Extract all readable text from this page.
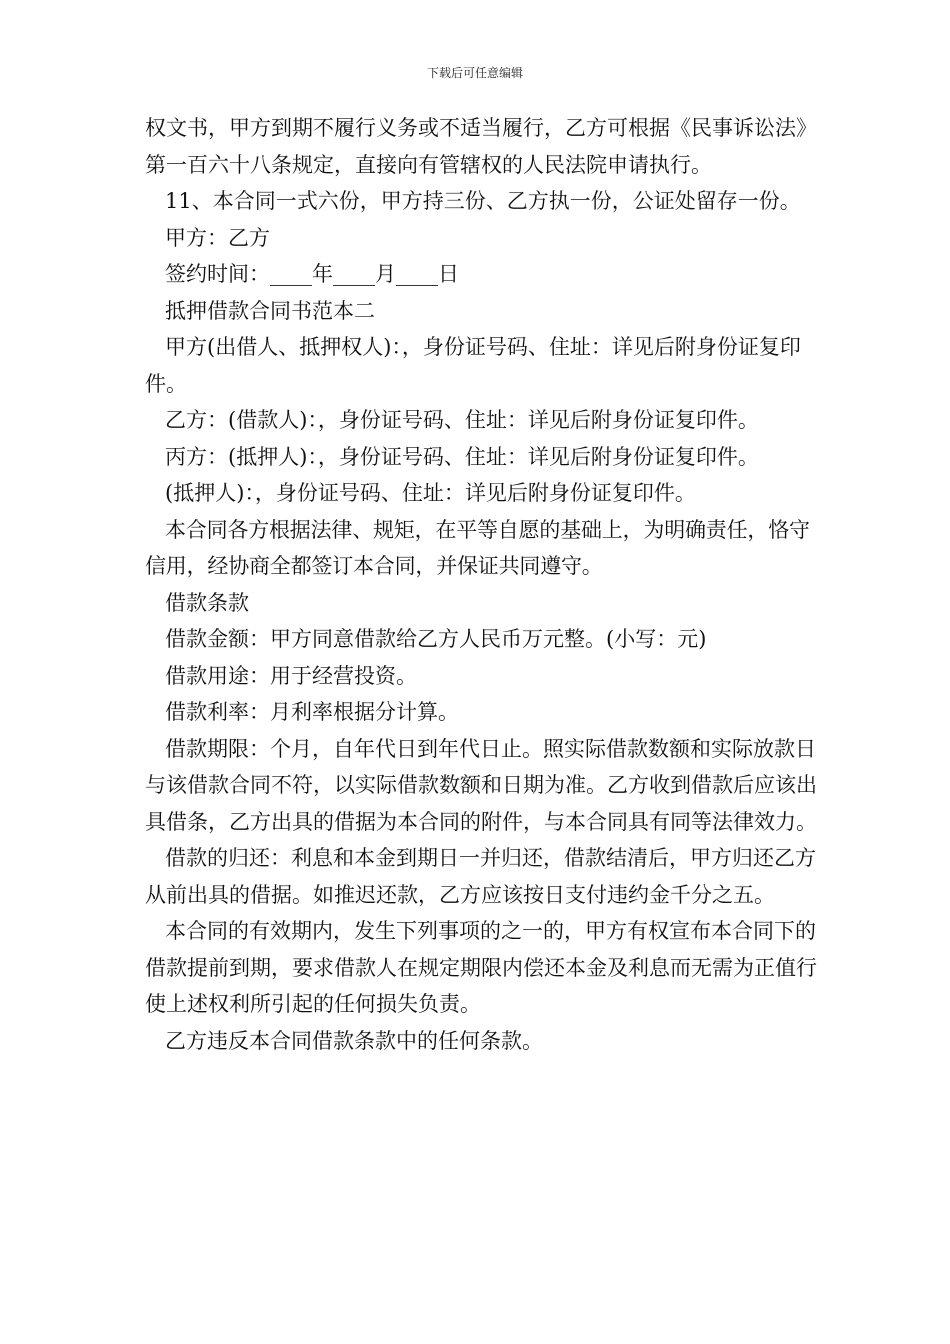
下载后可任意编辑

权文书，甲方到期不履行义务或不适当履行，乙方可根据《民事诉讼法》第一百六十八条规定，直接向有管辖权的人民法院申请执行。

11、本合同一式六份，甲方持三份、乙方执一份，公证处留存一份。

甲方：乙方

签约时间：____年____月____日

抵押借款合同书范本二

甲方(出借人、抵押权人)：，身份证号码、住址：详见后附身份证复印件。

乙方：(借款人)：，身份证号码、住址：详见后附身份证复印件。

丙方：(抵押人)：，身份证号码、住址：详见后附身份证复印件。

(抵押人)：，身份证号码、住址：详见后附身份证复印件。

本合同各方根据法律、规矩，在平等自愿的基础上，为明确责任，恪守信用，经协商全都签订本合同，并保证共同遵守。

借款条款

借款金额：甲方同意借款给乙方人民币万元整。(小写：元)

借款用途：用于经营投资。

借款利率：月利率根据分计算。

借款期限：个月，自年代日到年代日止。照实际借款数额和实际放款日与该借款合同不符，以实际借款数额和日期为准。乙方收到借款后应该出具借条，乙方出具的借据为本合同的附件，与本合同具有同等法律效力。

借款的归还：利息和本金到期日一并归还，借款结清后，甲方归还乙方从前出具的借据。如推迟还款，乙方应该按日支付违约金千分之五。

本合同的有效期内，发生下列事项的之一的，甲方有权宣布本合同下的借款提前到期，要求借款人在规定期限内偿还本金及利息而无需为正值行使上述权利所引起的任何损失负责。

乙方违反本合同借款条款中的任何条款。
